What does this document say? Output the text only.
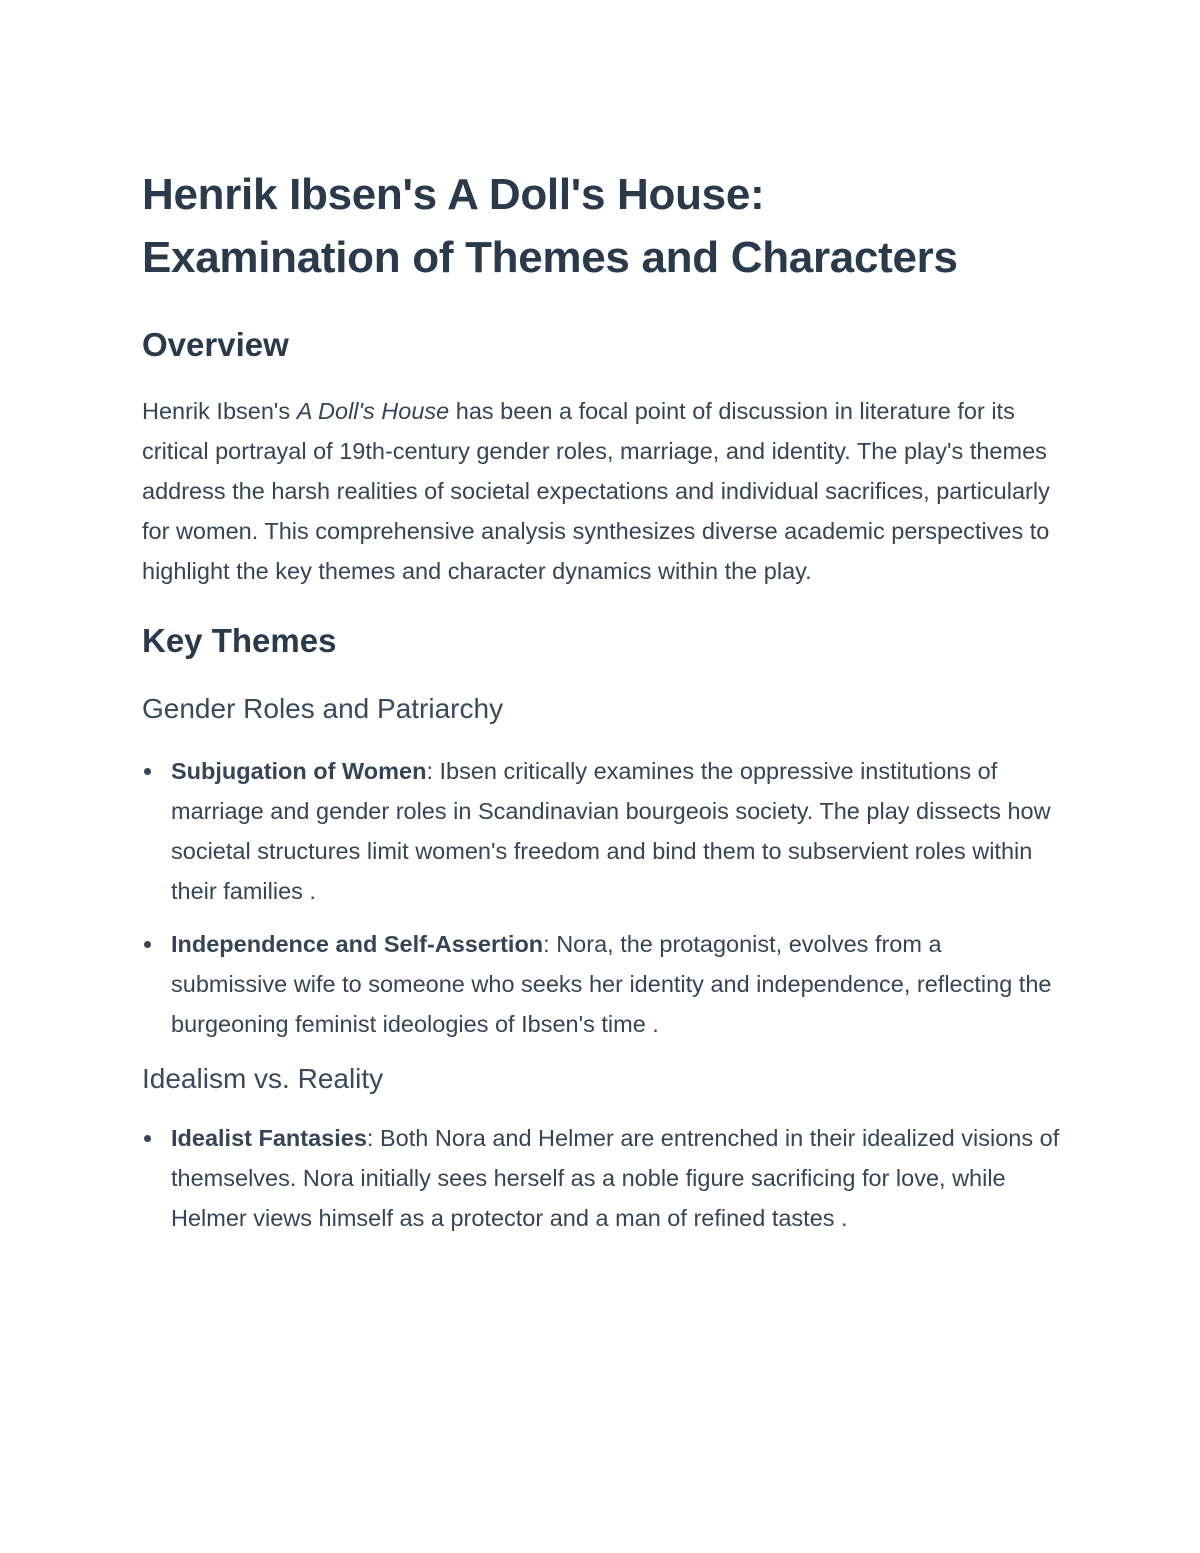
Henrik Ibsen's A Doll's House:
Examination of Themes and Characters
Overview

Henrik Ibsen's A Doll's House has been a focal point of discussion in literature for its critical portrayal of 19th-century gender roles, marriage, and identity. The play's themes address the harsh realities of societal expectations and individual sacrifices, particularly for women. This comprehensive analysis synthesizes diverse academic perspectives to highlight the key themes and character dynamics within the play.

Key Themes
Gender Roles and Patriarchy
Subjugation of Women: Ibsen critically examines the oppressive institutions of marriage and gender roles in Scandinavian bourgeois society. The play dissects how societal structures limit women's freedom and bind them to subservient roles within their families .
Independence and Self-Assertion: Nora, the protagonist, evolves from a submissive wife to someone who seeks her identity and independence, reflecting the burgeoning feminist ideologies of Ibsen's time .
Idealism vs. Reality
Idealist Fantasies: Both Nora and Helmer are entrenched in their idealized visions of themselves. Nora initially sees herself as a noble figure sacrificing for love, while Helmer views himself as a protector and a man of refined tastes .
